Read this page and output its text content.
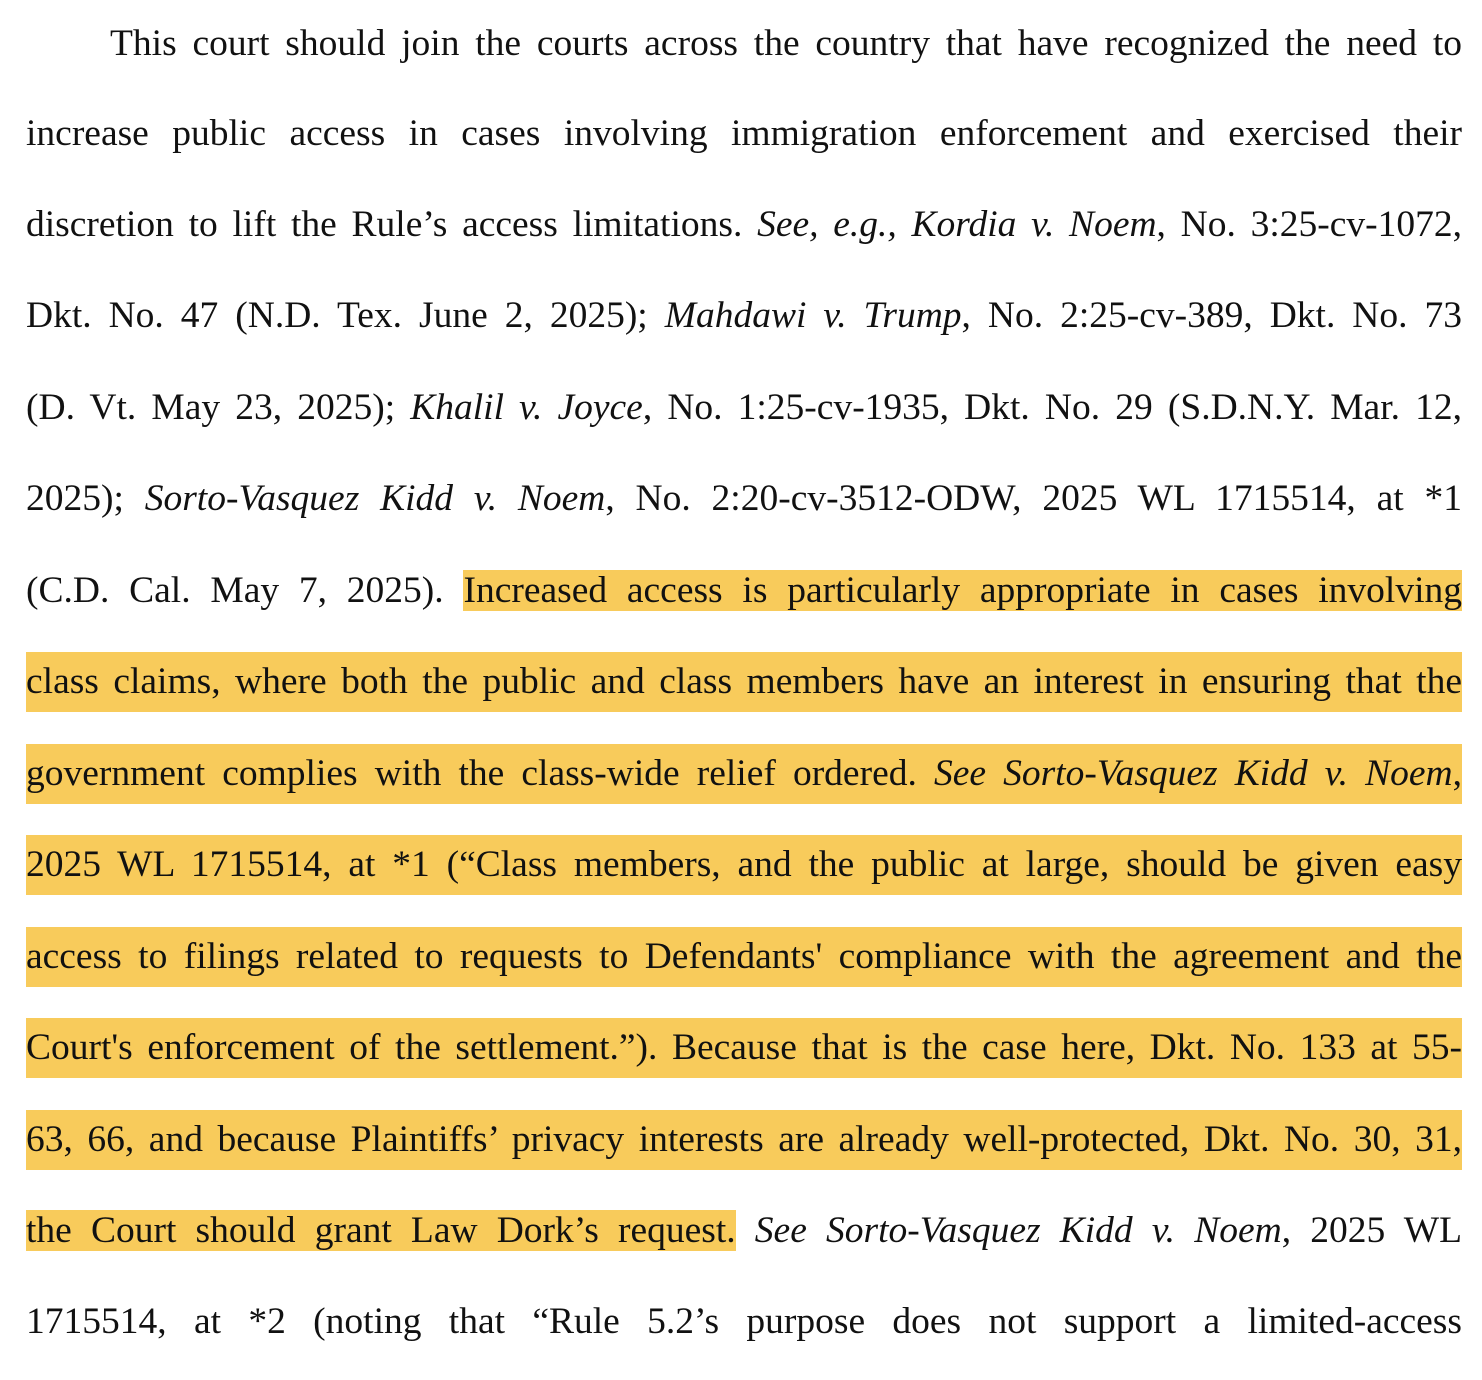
This court should join the courts across the country that have recognized the need to
increase public access in cases involving immigration enforcement and exercised their
discretion to lift the Rule’s access limitations. See, e.g., Kordia v. Noem, No. 3:25-cv-1072,
Dkt. No. 47 (N.D. Tex. June 2, 2025); Mahdawi v. Trump, No. 2:25-cv-389, Dkt. No. 73
(D. Vt. May 23, 2025); Khalil v. Joyce, No. 1:25-cv-1935, Dkt. No. 29 (S.D.N.Y. Mar. 12,
2025); Sorto-Vasquez Kidd v. Noem, No. 2:20-cv-3512-ODW, 2025 WL 1715514, at *1
(C.D. Cal. May 7, 2025). Increased access is particularly appropriate in cases involving
class claims, where both the public and class members have an interest in ensuring that the
government complies with the class-wide relief ordered. See Sorto-Vasquez Kidd v. Noem,
2025 WL 1715514, at *1 (“Class members, and the public at large, should be given easy
access to filings related to requests to Defendants' compliance with the agreement and the
Court's enforcement of the settlement.”). Because that is the case here, Dkt. No. 133 at 55-
63, 66, and because Plaintiffs’ privacy interests are already well-protected, Dkt. No. 30, 31,
the Court should grant Law Dork’s request. See Sorto-Vasquez Kidd v. Noem, 2025 WL
1715514, at *2 (noting that “Rule 5.2’s purpose does not support a limited-access
